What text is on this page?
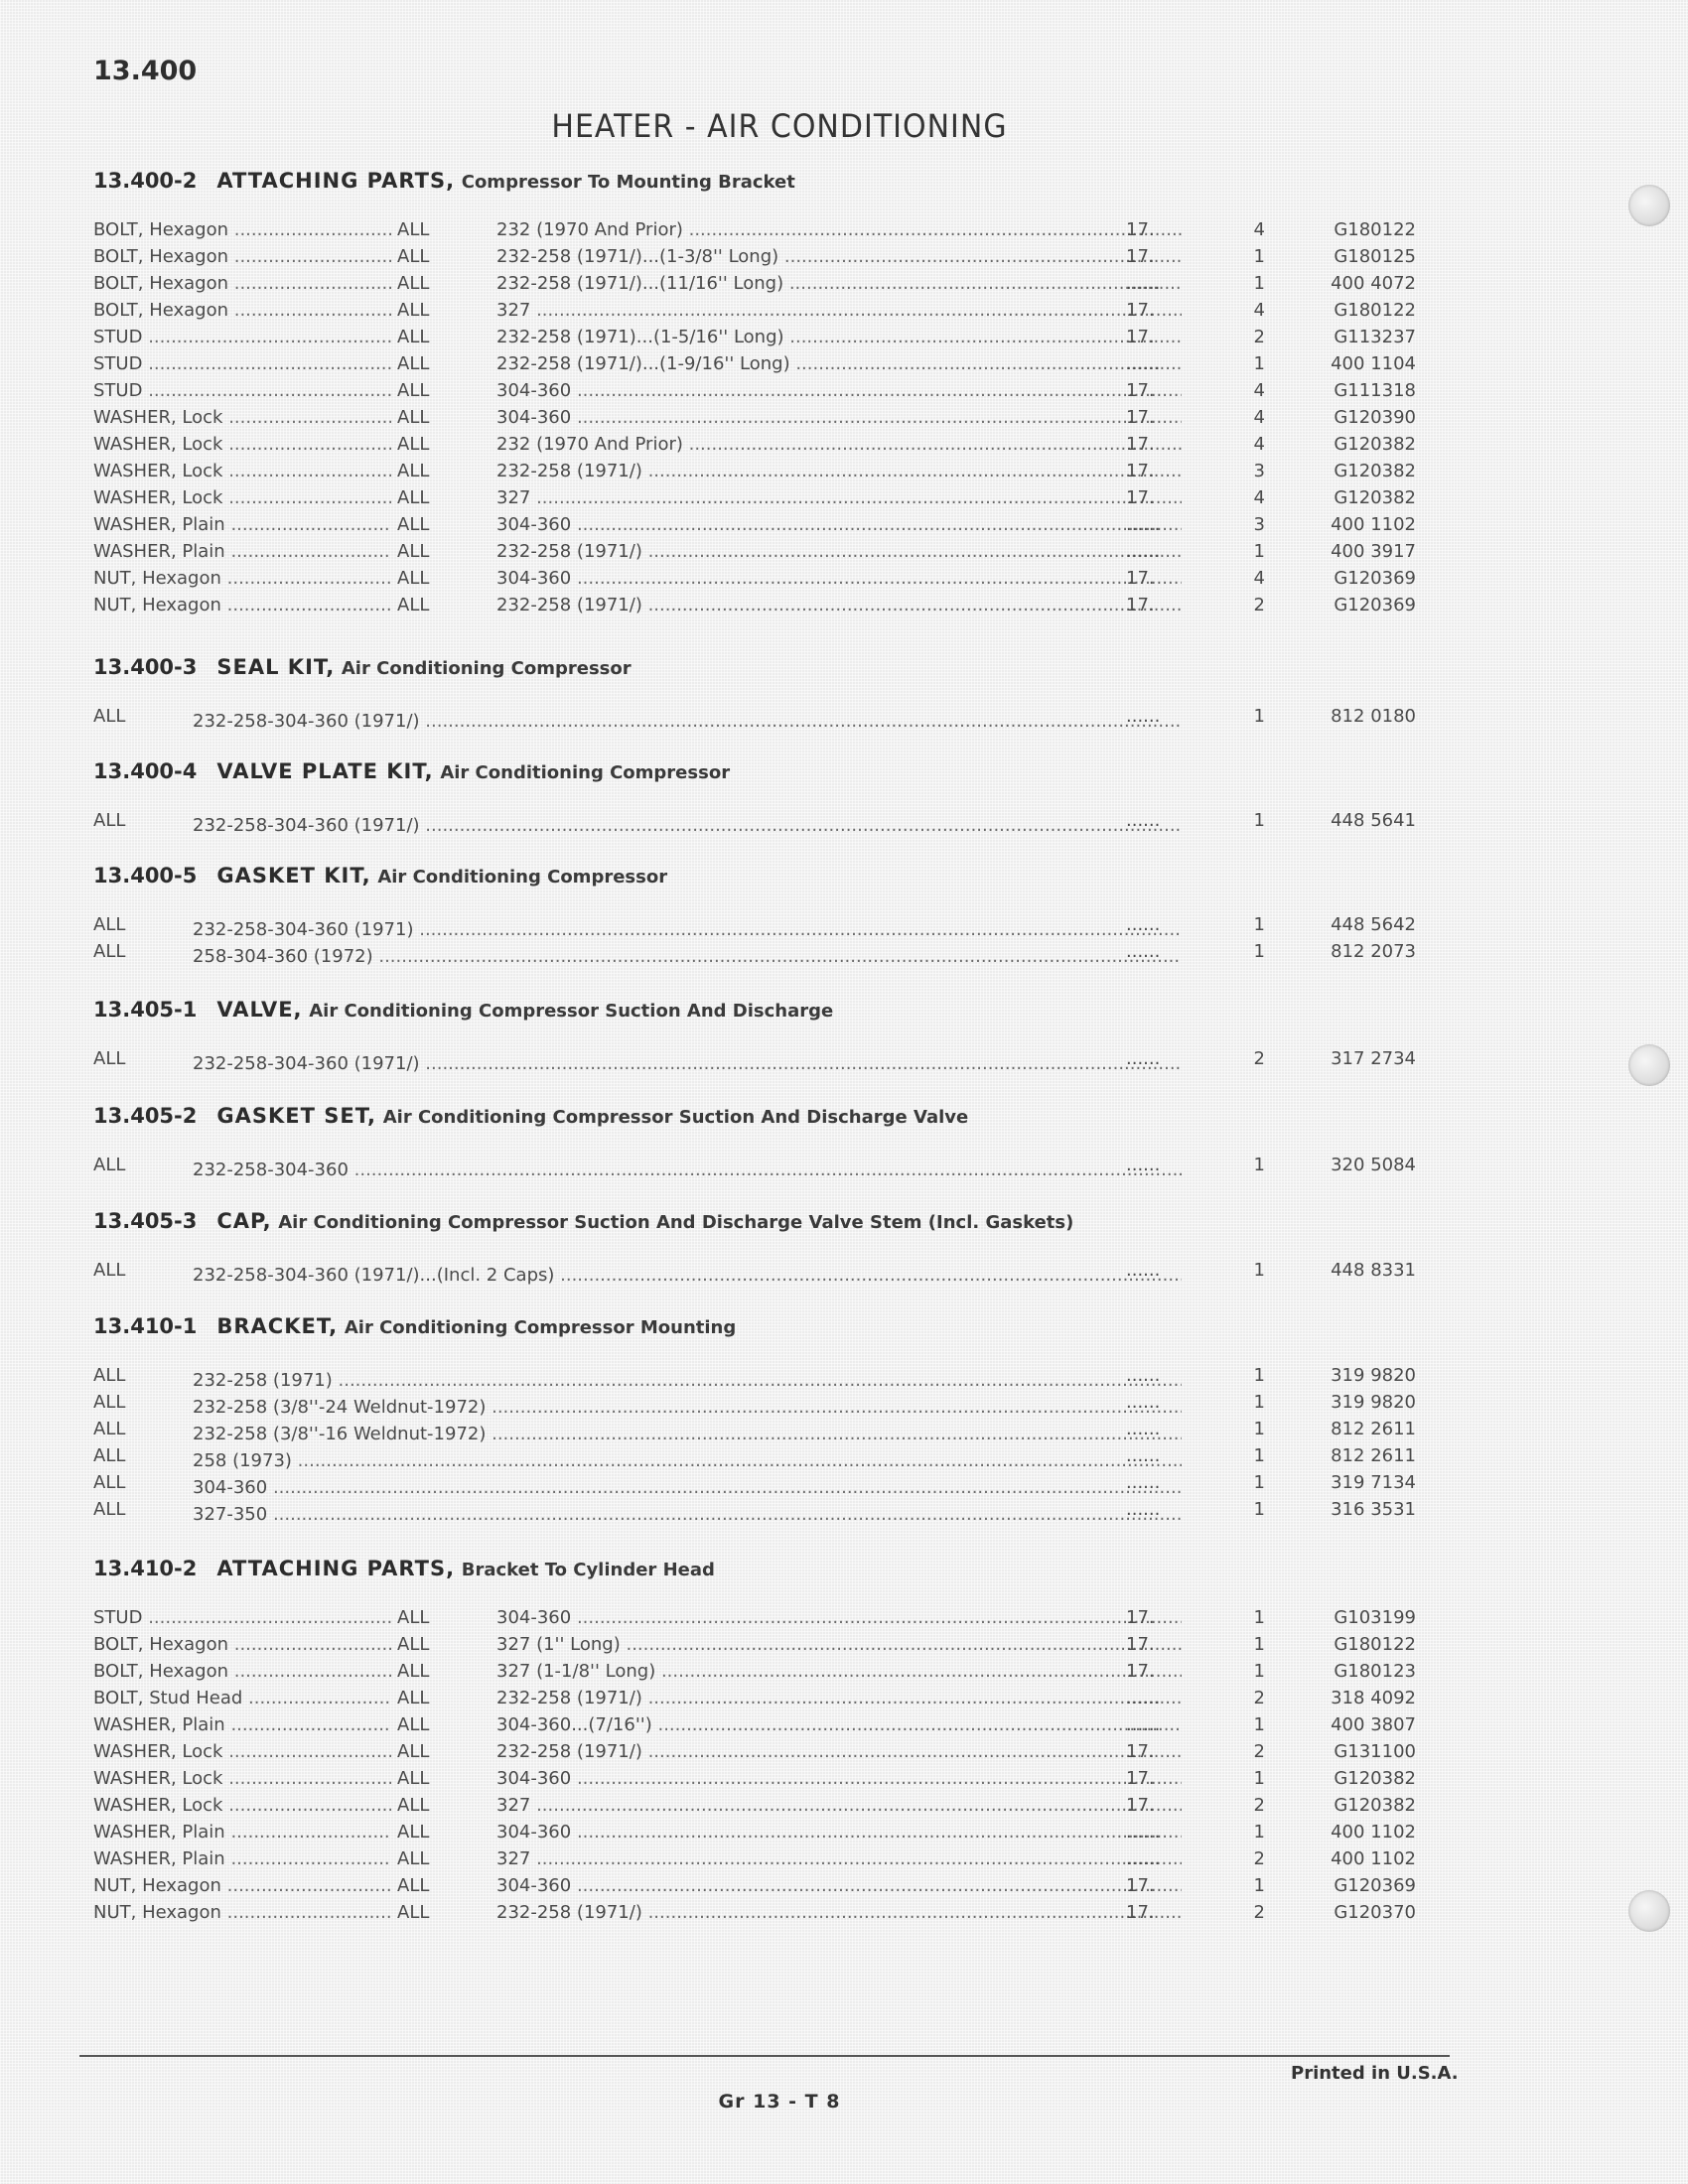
13.400
HEATER - AIR CONDITIONING
13.400-2 ATTACHING PARTS, Compressor To Mounting Bracket
BOLT, Hexagon .....	ALL	232 (1970 And Prior) .....	17.	4	G180122
BOLT, Hexagon .....	ALL	232-258 (1971/)...(1-3/8'' Long) .....	17.	1	G180125
BOLT, Hexagon .....	ALL	232-258 (1971/)...(11/16'' Long) .....	......	1	400 4072
BOLT, Hexagon .....	ALL	327 .....	17.	4	G180122
STUD .....	ALL	232-258 (1971)...(1-5/16'' Long) .....	17.	2	G113237
STUD .....	ALL	232-258 (1971/)...(1-9/16'' Long) .....	......	1	400 1104
STUD .....	ALL	304-360 .....	17.	4	G111318
WASHER, Lock .....	ALL	304-360 .....	17.	4	G120390
WASHER, Lock .....	ALL	232 (1970 And Prior) .....	17.	4	G120382
WASHER, Lock .....	ALL	232-258 (1971/) .....	17.	3	G120382
WASHER, Lock .....	ALL	327 .....	17.	4	G120382
WASHER, Plain .....	ALL	304-360 .....	......	3	400 1102
WASHER, Plain .....	ALL	232-258 (1971/) .....	......	1	400 3917
NUT, Hexagon .....	ALL	304-360 .....	17.	4	G120369
NUT, Hexagon .....	ALL	232-258 (1971/) .....	17.	2	G120369
13.400-3 SEAL KIT, Air Conditioning Compressor
ALL	232-258-304-360 (1971/) .....	......	1	812 0180
13.400-4 VALVE PLATE KIT, Air Conditioning Compressor
ALL	232-258-304-360 (1971/) .....	......	1	448 5641
13.400-5 GASKET KIT, Air Conditioning Compressor
ALL	232-258-304-360 (1971) .....	......	1	448 5642
ALL	258-304-360 (1972) .....	......	1	812 2073
13.405-1 VALVE, Air Conditioning Compressor Suction And Discharge
ALL	232-258-304-360 (1971/) .....	......	2	317 2734
13.405-2 GASKET SET, Air Conditioning Compressor Suction And Discharge Valve
ALL	232-258-304-360 .....	......	1	320 5084
13.405-3 CAP, Air Conditioning Compressor Suction And Discharge Valve Stem (Incl. Gaskets)
ALL	232-258-304-360 (1971/)...(Incl. 2 Caps) .....	......	1	448 8331
13.410-1 BRACKET, Air Conditioning Compressor Mounting
ALL	232-258 (1971) .....	......	1	319 9820
ALL	232-258 (3/8''-24 Weldnut-1972) .....	......	1	319 9820
ALL	232-258 (3/8''-16 Weldnut-1972) .....	......	1	812 2611
ALL	258 (1973) .....	......	1	812 2611
ALL	304-360 .....	......	1	319 7134
ALL	327-350 .....	......	1	316 3531
13.410-2 ATTACHING PARTS, Bracket To Cylinder Head
STUD .....	ALL	304-360 .....	17.	1	G103199
BOLT, Hexagon .....	ALL	327 (1'' Long) .....	17.	1	G180122
BOLT, Hexagon .....	ALL	327 (1-1/8'' Long) .....	17.	1	G180123
BOLT, Stud Head .....	ALL	232-258 (1971/) .....	......	2	318 4092
WASHER, Plain .....	ALL	304-360...(7/16'') .....	......	1	400 3807
WASHER, Lock .....	ALL	232-258 (1971/) .....	17.	2	G131100
WASHER, Lock .....	ALL	304-360 .....	17.	1	G120382
WASHER, Lock .....	ALL	327 .....	17.	2	G120382
WASHER, Plain .....	ALL	304-360 .....	......	1	400 1102
WASHER, Plain .....	ALL	327 .....	......	2	400 1102
NUT, Hexagon .....	ALL	304-360 .....	17.	1	G120369
NUT, Hexagon .....	ALL	232-258 (1971/) .....	17.	2	G120370
Printed in U.S.A.
Gr 13 - T 8
